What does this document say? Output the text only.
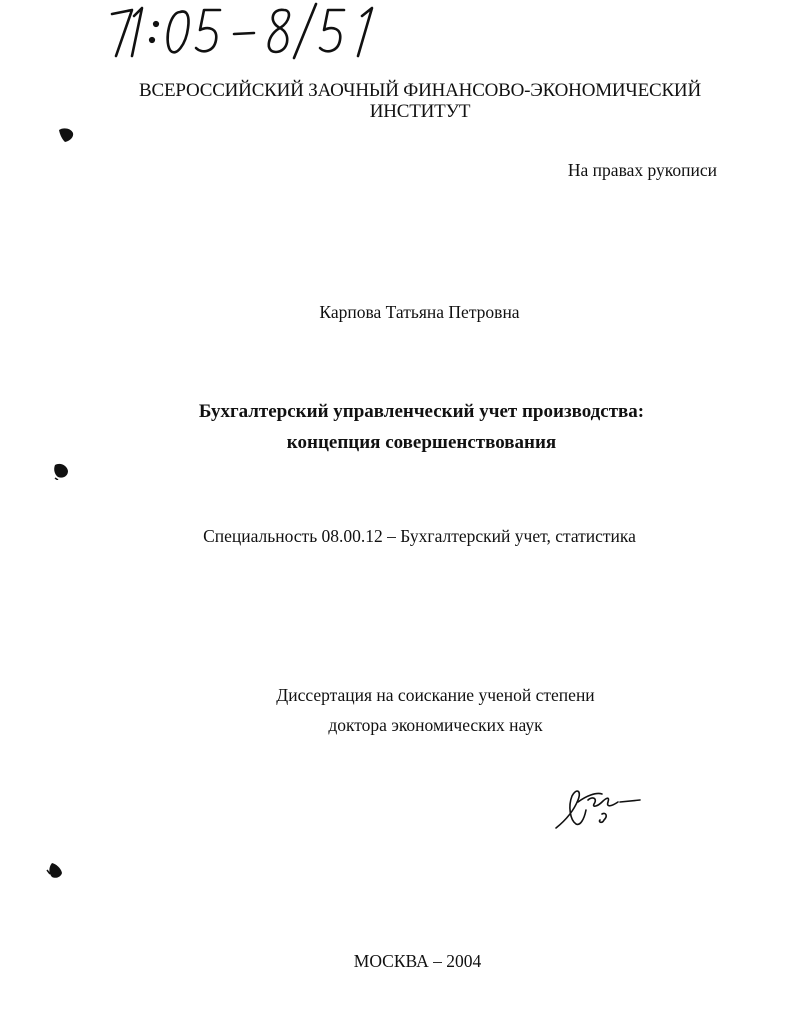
ВСЕРОССИЙСКИЙ ЗАОЧНЫЙ ФИНАНСОВО-ЭКОНОМИЧЕСКИЙ
ИНСТИТУТ
На правах рукописи
Карпова Татьяна Петровна
Бухгалтерский управленческий учет производства:
концепция совершенствования
Специальность 08.00.12 – Бухгалтерский учет, статистика
Диссертация на соискание ученой степени
доктора экономических наук
МОСКВА – 2004
